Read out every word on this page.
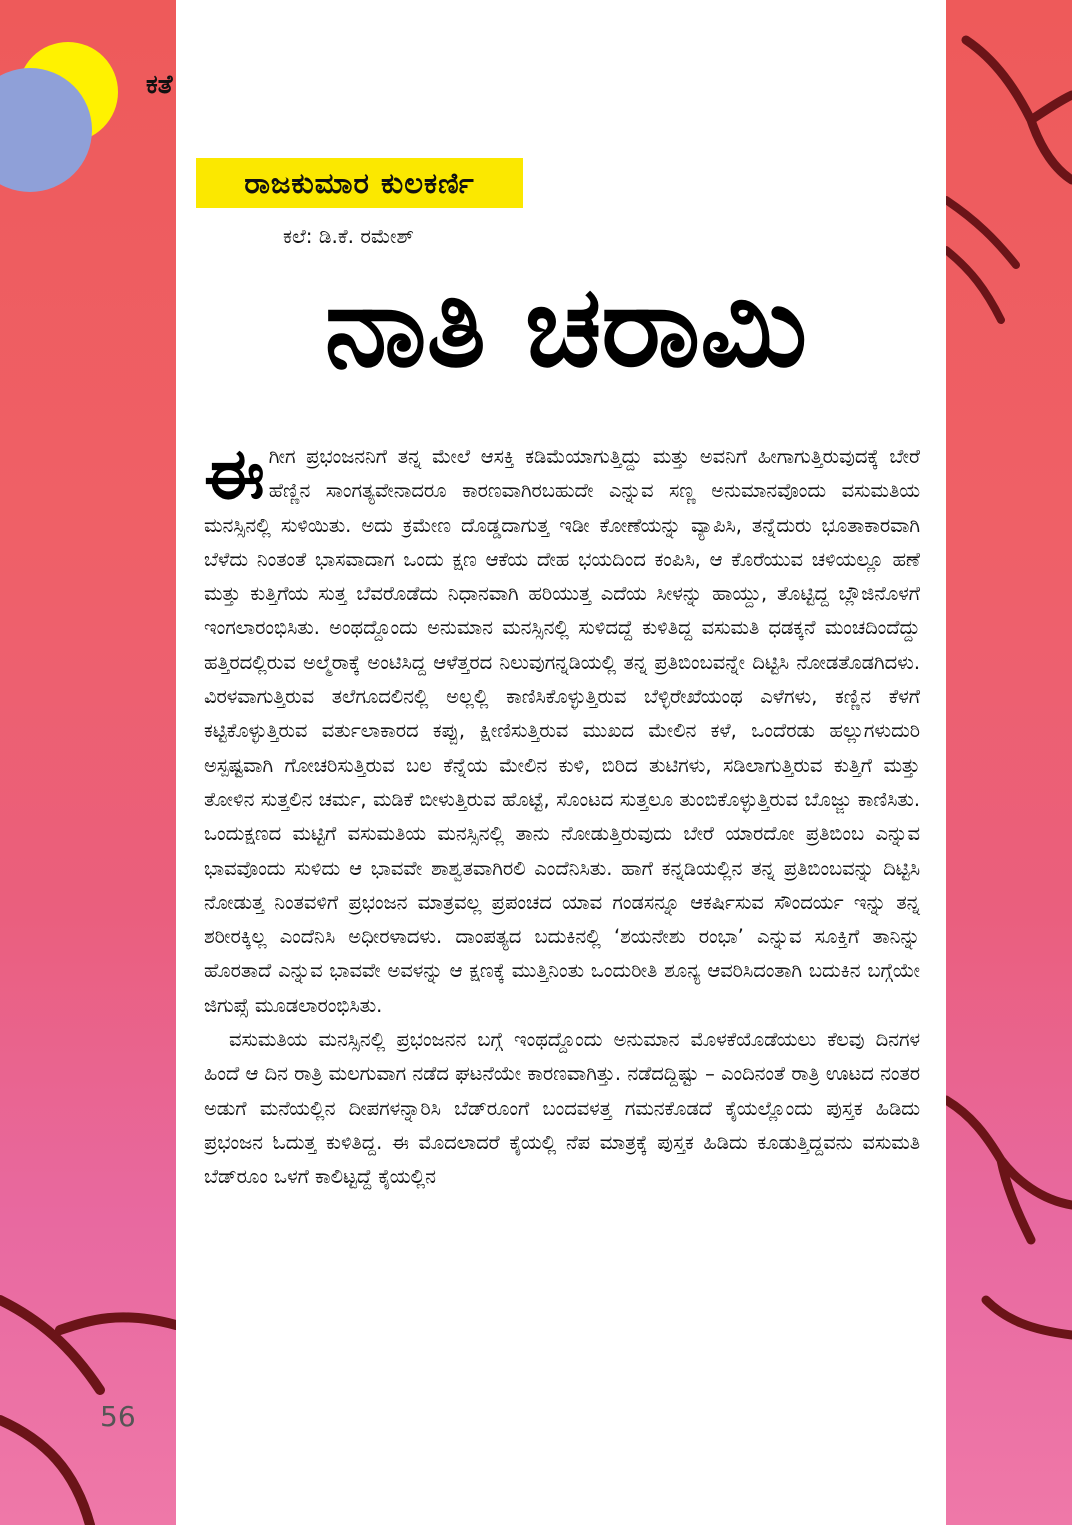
ಕತೆ

56
ರಾಜಕುಮಾರ ಕುಲಕರ್ಣಿ
ಕಲೆ: ಡಿ.ಕೆ. ರಮೇಶ್
ನಾತಿ ಚರಾಮಿ

ಈಗೀಗ ಪ್ರಭಂಜನನಿಗೆ ತನ್ನ ಮೇಲೆ ಆಸಕ್ತಿ ಕಡಿಮೆಯಾಗುತ್ತಿದ್ದು ಮತ್ತು ಅವನಿಗೆ ಹೀಗಾಗುತ್ತಿರುವುದಕ್ಕೆ ಬೇರೆ ಹೆಣ್ಣಿನ ಸಾಂಗತ್ಯವೇನಾದರೂ ಕಾರಣವಾಗಿರಬಹುದೇ ಎನ್ನುವ ಸಣ್ಣ ಅನುಮಾನವೊಂದು ವಸುಮತಿಯ ಮನಸ್ಸಿನಲ್ಲಿ ಸುಳಿಯಿತು. ಅದು ಕ್ರಮೇಣ ದೊಡ್ಡದಾಗುತ್ತ ಇಡೀ ಕೋಣೆಯನ್ನು ವ್ಯಾಪಿಸಿ, ತನ್ನೆದುರು ಭೂತಾಕಾರವಾಗಿ ಬೆಳೆದು ನಿಂತಂತೆ ಭಾಸವಾದಾಗ ಒಂದು ಕ್ಷಣ ಆಕೆಯ ದೇಹ ಭಯದಿಂದ ಕಂಪಿಸಿ, ಆ ಕೊರೆಯುವ ಚಳಿಯಲ್ಲೂ ಹಣೆ ಮತ್ತು ಕುತ್ತಿಗೆಯ ಸುತ್ತ ಬೆವರೊಡೆದು ನಿಧಾನವಾಗಿ ಹರಿಯುತ್ತ ಎದೆಯ ಸೀಳನ್ನು ಹಾಯ್ದು, ತೊಟ್ಟಿದ್ದ ಬ್ಲೌಜಿನೊಳಗೆ ಇಂಗಲಾರಂಭಿಸಿತು. ಅಂಥದ್ದೊಂದು ಅನುಮಾನ ಮನಸ್ಸಿನಲ್ಲಿ ಸುಳಿದದ್ದೆ ಕುಳಿತಿದ್ದ ವಸುಮತಿ ಧಡಕ್ಕನೆ ಮಂಚದಿಂದೆದ್ದು ಹತ್ತಿರದಲ್ಲಿರುವ ಅಲ್ಮೆರಾಕ್ಕೆ ಅಂಟಿಸಿದ್ದ ಆಳೆತ್ತರದ ನಿಲುವುಗನ್ನಡಿಯಲ್ಲಿ ತನ್ನ ಪ್ರತಿಬಿಂಬವನ್ನೇ ದಿಟ್ಟಿಸಿ ನೋಡತೊಡಗಿದಳು. ವಿರಳವಾಗುತ್ತಿರುವ ತಲೆಗೂದಲಿನಲ್ಲಿ ಅಲ್ಲಲ್ಲಿ ಕಾಣಿಸಿಕೊಳ್ಳುತ್ತಿರುವ ಬೆಳ್ಳಿರೇಖೆಯಂಥ ಎಳೆಗಳು, ಕಣ್ಣಿನ ಕೆಳಗೆ ಕಟ್ಟಿಕೊಳ್ಳುತ್ತಿರುವ ವರ್ತುಲಾಕಾರದ ಕಪ್ಪು, ಕ್ಷೀಣಿಸುತ್ತಿರುವ ಮುಖದ ಮೇಲಿನ ಕಳೆ, ಒಂದೆರಡು ಹಲ್ಲುಗಳುದುರಿ ಅಸ್ಪಷ್ಟವಾಗಿ ಗೋಚರಿಸುತ್ತಿರುವ ಬಲ ಕೆನ್ನೆಯ ಮೇಲಿನ ಕುಳಿ, ಬಿರಿದ ತುಟಿಗಳು, ಸಡಿಲಾಗುತ್ತಿರುವ ಕುತ್ತಿಗೆ ಮತ್ತು ತೋಳಿನ ಸುತ್ತಲಿನ ಚರ್ಮ, ಮಡಿಕೆ ಬೀಳುತ್ತಿರುವ ಹೊಟ್ಟೆ, ಸೊಂಟದ ಸುತ್ತಲೂ ತುಂಬಿಕೊಳ್ಳುತ್ತಿರುವ ಬೊಜ್ಜು ಕಾಣಿಸಿತು. ಒಂದುಕ್ಷಣದ ಮಟ್ಟಿಗೆ ವಸುಮತಿಯ ಮನಸ್ಸಿನಲ್ಲಿ ತಾನು ನೋಡುತ್ತಿರುವುದು ಬೇರೆ ಯಾರದೋ ಪ್ರತಿಬಿಂಬ ಎನ್ನುವ ಭಾವವೊಂದು ಸುಳಿದು ಆ ಭಾವವೇ ಶಾಶ್ವತವಾಗಿರಲಿ ಎಂದೆನಿಸಿತು. ಹಾಗೆ ಕನ್ನಡಿಯಲ್ಲಿನ ತನ್ನ ಪ್ರತಿಬಿಂಬವನ್ನು ದಿಟ್ಟಿಸಿ ನೋಡುತ್ತ ನಿಂತವಳಿಗೆ ಪ್ರಭಂಜನ ಮಾತ್ರವಲ್ಲ ಪ್ರಪಂಚದ ಯಾವ ಗಂಡಸನ್ನೂ ಆಕರ್ಷಿಸುವ ಸೌಂದರ್ಯ ಇನ್ನು ತನ್ನ ಶರೀರಕ್ಕಿಲ್ಲ ಎಂದೆನಿಸಿ ಅಧೀರಳಾದಳು. ದಾಂಪತ್ಯದ ಬದುಕಿನಲ್ಲಿ ‘ಶಯನೇಶು ರಂಭಾ’ ಎನ್ನುವ ಸೂಕ್ತಿಗೆ ತಾನಿನ್ನು ಹೊರತಾದೆ ಎನ್ನುವ ಭಾವವೇ ಅವಳನ್ನು ಆ ಕ್ಷಣಕ್ಕೆ ಮುತ್ತಿನಿಂತು ಒಂದುರೀತಿ ಶೂನ್ಯ ಆವರಿಸಿದಂತಾಗಿ ಬದುಕಿನ ಬಗ್ಗೆಯೇ ಜಿಗುಪ್ಸೆ ಮೂಡಲಾರಂಭಿಸಿತು.

ವಸುಮತಿಯ ಮನಸ್ಸಿನಲ್ಲಿ ಪ್ರಭಂಜನನ ಬಗ್ಗೆ ಇಂಥದ್ದೊಂದು ಅನುಮಾನ ಮೊಳಕೆಯೊಡೆಯಲು ಕೆಲವು ದಿನಗಳ ಹಿಂದೆ ಆ ದಿನ ರಾತ್ರಿ ಮಲಗುವಾಗ ನಡೆದ ಘಟನೆಯೇ ಕಾರಣವಾಗಿತ್ತು. ನಡೆದದ್ದಿಷ್ಟು – ಎಂದಿನಂತೆ ರಾತ್ರಿ ಊಟದ ನಂತರ ಅಡುಗೆ ಮನೆಯಲ್ಲಿನ ದೀಪಗಳನ್ನಾರಿಸಿ ಬೆಡ್‌ರೂಂಗೆ ಬಂದವಳತ್ತ ಗಮನಕೊಡದೆ ಕೈಯಲ್ಲೊಂದು ಪುಸ್ತಕ ಹಿಡಿದು ಪ್ರಭಂಜನ ಓದುತ್ತ ಕುಳಿತಿದ್ದ. ಈ ಮೊದಲಾದರೆ ಕೈಯಲ್ಲಿ ನೆಪ ಮಾತ್ರಕ್ಕೆ ಪುಸ್ತಕ ಹಿಡಿದು ಕೂಡುತ್ತಿದ್ದವನು ವಸುಮತಿ ಬೆಡ್‌ರೂಂ ಒಳಗೆ ಕಾಲಿಟ್ಟದ್ದೆ ಕೈಯಲ್ಲಿನ
